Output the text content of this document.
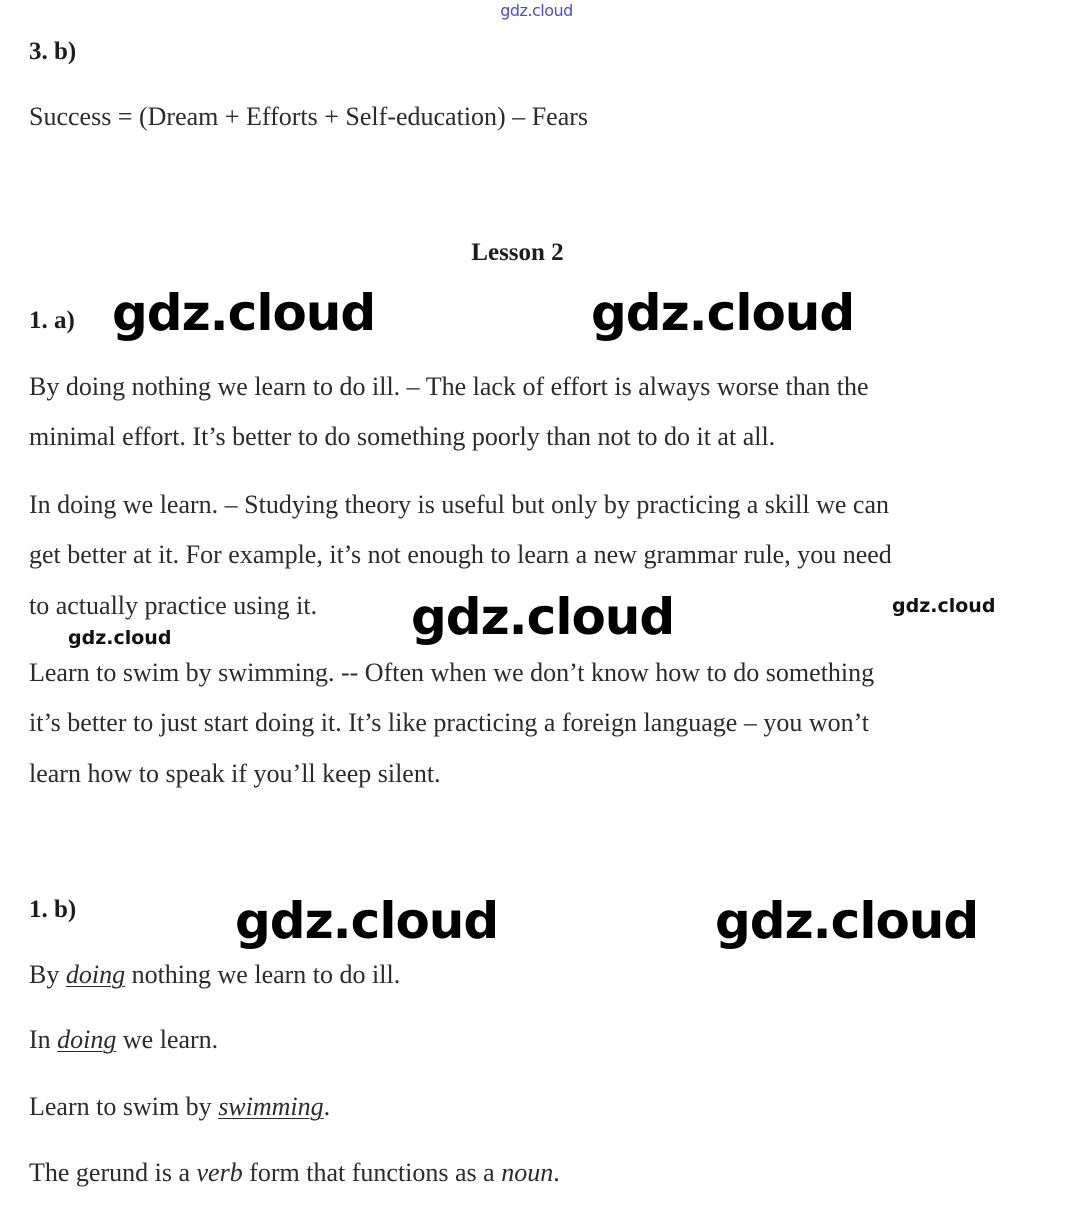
gdz.cloud
3. b)
Success = (Dream + Efforts + Self-education) – Fears
Lesson 2
1. a) gdz.cloud	gdz.cloud
By doing nothing we learn to do ill. – The lack of effort is always worse than the
minimal effort. It’s better to do something poorly than not to do it at all.
In doing we learn. – Studying theory is useful but only by practicing a skill we can
get better at it. For example, it’s not enough to learn a new grammar rule, you need
to actually practice using it. gdz.cloud	gdz.cloud
gdz.cloud
Learn to swim by swimming. -- Often when we don’t know how to do something
it’s better to just start doing it. It’s like practicing a foreign language – you won’t
learn how to speak if you’ll keep silent.
1. b)	gdz.cloud	gdz.cloud
By doing nothing we learn to do ill.
In doing we learn.
Learn to swim by swimming.
The gerund is a verb form that functions as a noun.
